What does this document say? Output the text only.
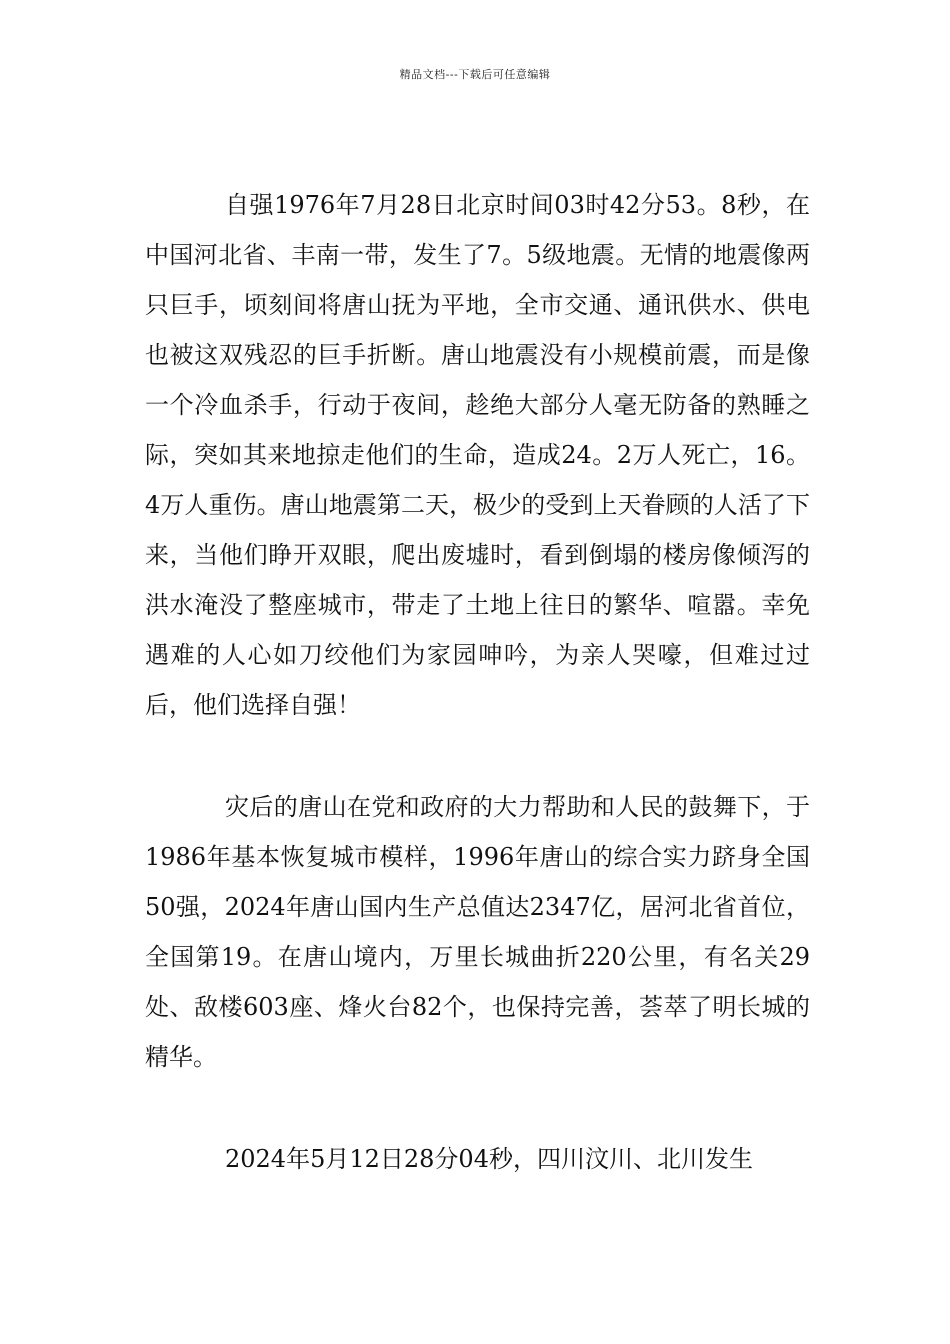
精品文档---下载后可任意编辑

自强1976年7月28日北京时间03时42分53。8秒，在中国河北省、丰南一带，发生了7。5级地震。无情的地震像两只巨手，顷刻间将唐山抚为平地，全市交通、通讯供水、供电也被这双残忍的巨手折断。唐山地震没有小规模前震，而是像一个冷血杀手，行动于夜间，趁绝大部分人毫无防备的熟睡之际，突如其来地掠走他们的生命，造成24。2万人死亡，16。4万人重伤。唐山地震第二天，极少的受到上天眷顾的人活了下来，当他们睁开双眼，爬出废墟时，看到倒塌的楼房像倾泻的洪水淹没了整座城市，带走了土地上往日的繁华、喧嚣。幸免遇难的人心如刀绞他们为家园呻吟，为亲人哭嚎，但难过过后，他们选择自强！

灾后的唐山在党和政府的大力帮助和人民的鼓舞下，于1986年基本恢复城市模样，1996年唐山的综合实力跻身全国50强，2024年唐山国内生产总值达2347亿，居河北省首位，全国第19。在唐山境内，万里长城曲折220公里，有名关29处、敌楼603座、烽火台82个，也保持完善，荟萃了明长城的精华。

2024年5月12日28分04秒，四川汶川、北川发生
